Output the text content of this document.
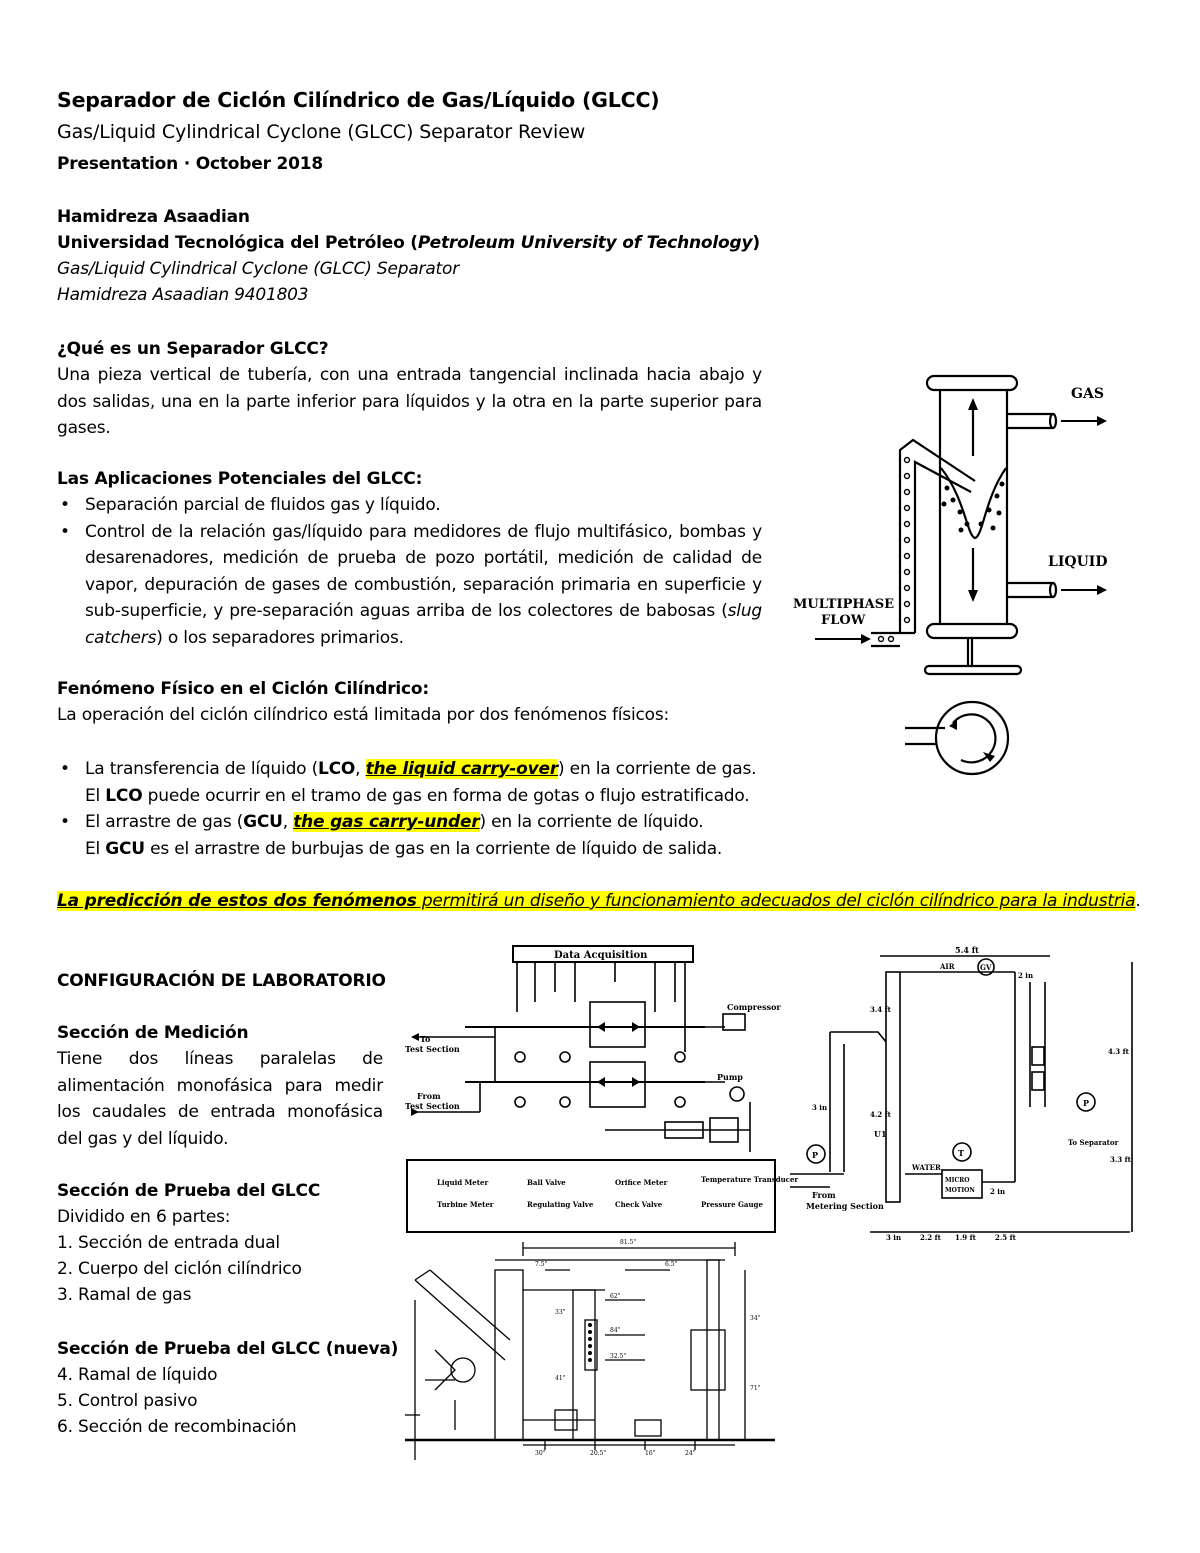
Separador de Ciclón Cilíndrico de Gas/Líquido (GLCC)
Gas/Liquid Cylindrical Cyclone (GLCC) Separator Review
Presentation · October 2018
Hamidreza Asaadian
Universidad Tecnológica del Petróleo (Petroleum University of Technology)
Gas/Liquid Cylindrical Cyclone (GLCC) Separator
Hamidreza Asaadian 9401803
¿Qué es un Separador GLCC?
Una pieza vertical de tubería, con una entrada tangencial inclinada hacia abajo y dos salidas, una en la parte inferior para líquidos y la otra en la parte superior para gases.
Las Aplicaciones Potenciales del GLCC:
• Separación parcial de fluidos gas y líquido.
• Control de la relación gas/líquido para medidores de flujo multifásico, bombas y desarenadores, medición de prueba de pozo portátil, medición de calidad de vapor, depuración de gases de combustión, separación primaria en superficie y sub-superficie, y pre-separación aguas arriba de los colectores de babosas (slug catchers) o los separadores primarios.
Fenómeno Físico en el Ciclón Cilíndrico:
La operación del ciclón cilíndrico está limitada por dos fenómenos físicos:
• La transferencia de líquido (LCO, the liquid carry-over) en la corriente de gas.
El LCO puede ocurrir en el tramo de gas en forma de gotas o flujo estratificado.
• El arrastre de gas (GCU, the gas carry-under) en la corriente de líquido.
El GCU es el arrastre de burbujas de gas en la corriente de líquido de salida.
La predicción de estos dos fenómenos permitirá un diseño y funcionamiento adecuados del ciclón cilíndrico para la industria.
CONFIGURACIÓN DE LABORATORIO
Sección de Medición
Tiene dos líneas paralelas de alimentación monofásica para medir los caudales de entrada monofásica del gas y del líquido.
Sección de Prueba del GLCC
Dividido en 6 partes:
1. Sección de entrada dual
2. Cuerpo del ciclón cilíndrico
3. Ramal de gas
Sección de Prueba del GLCC (nueva)
4. Ramal de líquido
5. Control pasivo
6. Sección de recombinación
GAS
LIQUID
MULTIPHASE
FLOW
Data Acquisition
To
Test Section
From
Test Section
Compressor
Pump
Liquid Meter
Turbine Meter
Ball Valve
Regulating Valve
Orifice Meter
Check Valve
Temperature Transducer
Pressure Gauge
5.4 ft
AIR	GV
2 in
3.4 ft
4.2 ft
4.3 ft
3.3 ft
U1
3 in
WATER
MICRO
MOTION
From
Metering Section
To Separator
3 in	2.2 ft 1.9 ft	2.5 ft
2 in
P
P	T
81.5"
7.5"	6.5"
62"
84"
32.5"
33"
41"
30"	20.5"	16"	24"
34"
71"
